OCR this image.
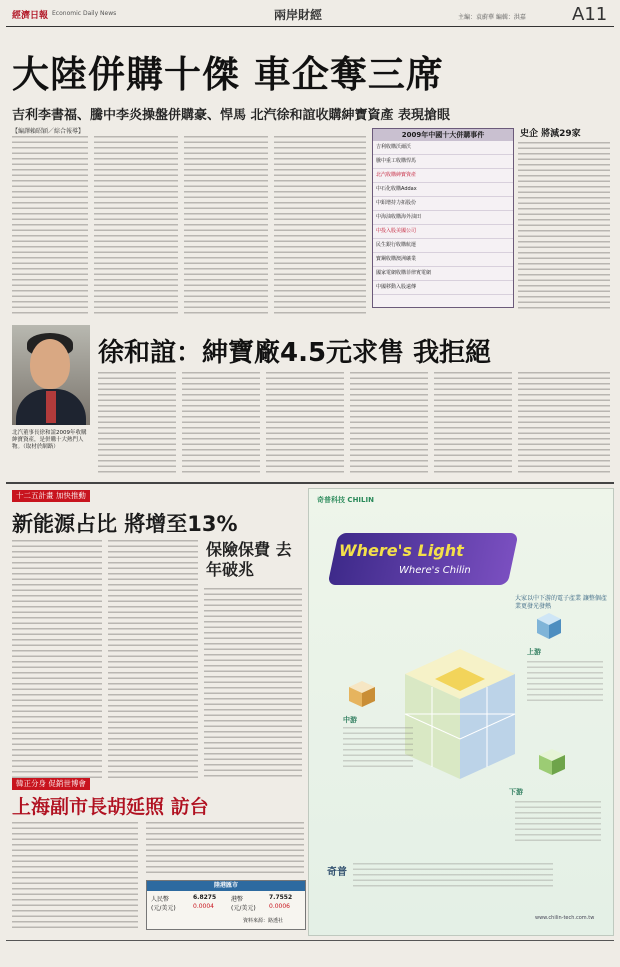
經濟日報 Economic Daily News	兩岸財經	主編：袁蔚華 編輯：洪嘉	A11
大陸併購十傑 車企奪三席
吉利李書福、騰中李炎操盤併購豪、悍馬 北汽徐和誼收購紳寶資產 表現搶眼
【編譯賴昭穎／綜合報導】	2009年中國十大併購事件
吉利收購沃爾沃
騰中重工收購悍馬
北汽收購紳寶資產
中石化收購Addax
中鋁增持力拓股份
中海油收購海外油田
中投入股美國公司
民生銀行收購航運
寶鋼收購澳洲礦業
國家電網收購菲律賓電網
中國移動入股遠傳
史企 將減29家
北汽董事長徐和誼2009年收購紳寶資產，是併購十大熱門人物。（取材於網路）
徐和誼：紳寶廠4.5元求售 我拒絕
十二五計畫 加快推動
新能源占比 將增至13%
保險保費 去年破兆
韓正分身 促銷世博會
上海副市長胡延照 訪台
陸港匯市
人民幣
(元/美元)
6.8275
0.0004
港幣
(元/美元)
7.7552
0.0006
資料來源：路透社
奇普科技 CHILIN
Where's Light
Where's Chilin
大家以中下游的電子產業 讓整個產業更發光發熱
上游
中游
下游
奇普
www.chilin-tech.com.tw
